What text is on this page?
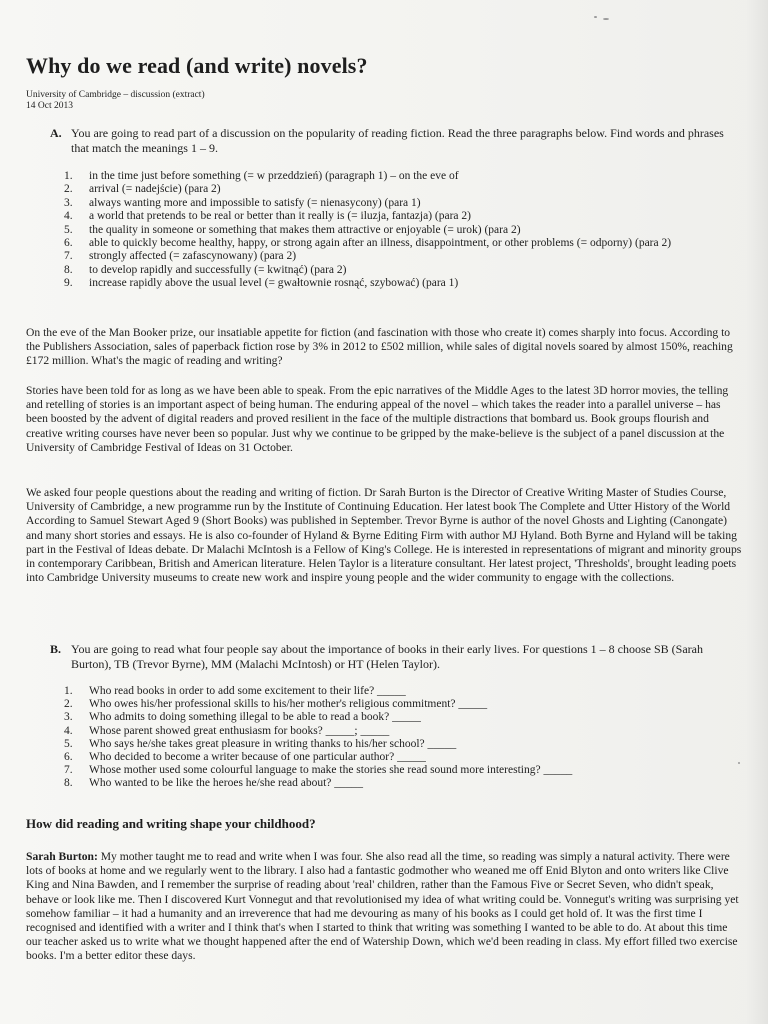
Why do we read (and write) novels?
University of Cambridge – discussion (extract)
14 Oct 2013
A. You are going to read part of a discussion on the popularity of reading fiction. Read the three paragraphs below. Find words and phrases that match the meanings 1 – 9.
1.	in the time just before something (= w przeddzień) (paragraph 1) – on the eve of
2.	arrival (= nadejście) (para 2)
3.	always wanting more and impossible to satisfy (= nienasycony) (para 1)
4.	a world that pretends to be real or better than it really is (= iluzja, fantazja) (para 2)
5.	the quality in someone or something that makes them attractive or enjoyable (= urok) (para 2)
6.	able to quickly become healthy, happy, or strong again after an illness, disappointment, or other problems (= odporny) (para 2)
7.	strongly affected (= zafascynowany) (para 2)
8.	to develop rapidly and successfully (= kwitnąć) (para 2)
9.	increase rapidly above the usual level (= gwałtownie rosnąć, szybować) (para 1)
On the eve of the Man Booker prize, our insatiable appetite for fiction (and fascination with those who create it) comes sharply into focus. According to the Publishers Association, sales of paperback fiction rose by 3% in 2012 to £502 million, while sales of digital novels soared by almost 150%, reaching £172 million. What's the magic of reading and writing?
Stories have been told for as long as we have been able to speak. From the epic narratives of the Middle Ages to the latest 3D horror movies, the telling and retelling of stories is an important aspect of being human. The enduring appeal of the novel – which takes the reader into a parallel universe – has been boosted by the advent of digital readers and proved resilient in the face of the multiple distractions that bombard us. Book groups flourish and creative writing courses have never been so popular. Just why we continue to be gripped by the make-believe is the subject of a panel discussion at the University of Cambridge Festival of Ideas on 31 October.
We asked four people questions about the reading and writing of fiction. Dr Sarah Burton is the Director of Creative Writing Master of Studies Course, University of Cambridge, a new programme run by the Institute of Continuing Education. Her latest book The Complete and Utter History of the World According to Samuel Stewart Aged 9 (Short Books) was published in September. Trevor Byrne is author of the novel Ghosts and Lighting (Canongate) and many short stories and essays. He is also co-founder of Hyland & Byrne Editing Firm with author MJ Hyland. Both Byrne and Hyland will be taking part in the Festival of Ideas debate. Dr Malachi McIntosh is a Fellow of King's College. He is interested in representations of migrant and minority groups in contemporary Caribbean, British and American literature. Helen Taylor is a literature consultant. Her latest project, 'Thresholds', brought leading poets into Cambridge University museums to create new work and inspire young people and the wider community to engage with the collections.
B. You are going to read what four people say about the importance of books in their early lives. For questions 1 – 8 choose SB (Sarah Burton), TB (Trevor Byrne), MM (Malachi McIntosh) or HT (Helen Taylor).
1.	Who read books in order to add some excitement to their life? _____
2.	Who owes his/her professional skills to his/her mother's religious commitment? _____
3.	Who admits to doing something illegal to be able to read a book? _____
4.	Whose parent showed great enthusiasm for books? _____; _____
5.	Who says he/she takes great pleasure in writing thanks to his/her school? _____
6.	Who decided to become a writer because of one particular author? _____
7.	Whose mother used some colourful language to make the stories she read sound more interesting? _____
8.	Who wanted to be like the heroes he/she read about? _____
How did reading and writing shape your childhood?
Sarah Burton: My mother taught me to read and write when I was four. She also read all the time, so reading was simply a natural activity. There were lots of books at home and we regularly went to the library. I also had a fantastic godmother who weaned me off Enid Blyton and onto writers like Clive King and Nina Bawden, and I remember the surprise of reading about 'real' children, rather than the Famous Five or Secret Seven, who didn't speak, behave or look like me. Then I discovered Kurt Vonnegut and that revolutionised my idea of what writing could be. Vonnegut's writing was surprising yet somehow familiar – it had a humanity and an irreverence that had me devouring as many of his books as I could get hold of. It was the first time I recognised and identified with a writer and I think that's when I started to think that writing was something I wanted to be able to do. At about this time our teacher asked us to write what we thought happened after the end of Watership Down, which we'd been reading in class. My effort filled two exercise books. I'm a better editor these days.
